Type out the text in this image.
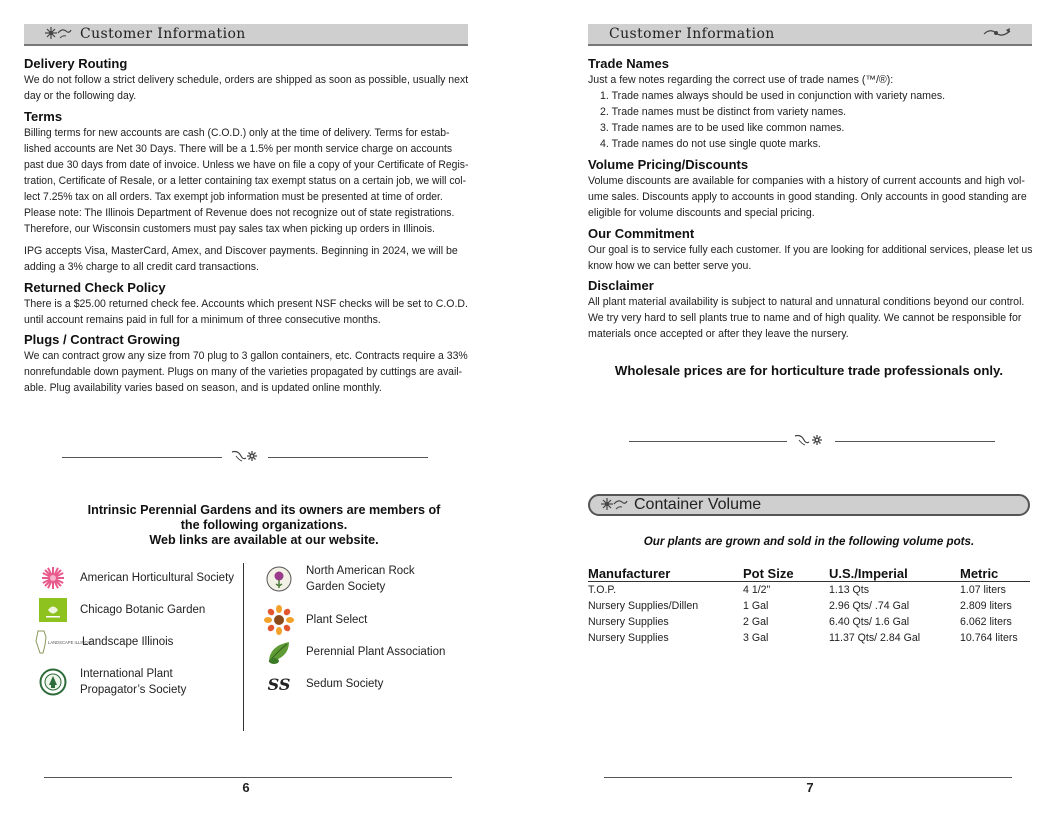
Customer Information
Delivery Routing
We do not follow a strict delivery schedule, orders are shipped as soon as possible, usually next
day or the following day.
Terms
Billing terms for new accounts are cash (C.O.D.) only at the time of delivery. Terms for estab-
lished accounts are Net 30 Days. There will be a 1.5% per month service charge on accounts
past due 30 days from date of invoice. Unless we have on file a copy of your Certificate of Regis-
tration, Certificate of Resale, or a letter containing tax exempt status on a certain job, we will col-
lect 7.25% tax on all orders. Tax exempt job information must be presented at time of order.
Please note: The Illinois Department of Revenue does not recognize out of state registrations.
Therefore, our Wisconsin customers must pay sales tax when picking up orders in Illinois.
IPG accepts Visa, MasterCard, Amex, and Discover payments. Beginning in 2024, we will be
adding a 3% charge to all credit card transactions.
Returned Check Policy
There is a $25.00 returned check fee. Accounts which present NSF checks will be set to C.O.D.
until account remains paid in full for a minimum of three consecutive months.
Plugs / Contract Growing
We can contract grow any size from 70 plug to 3 gallon containers, etc. Contracts require a 33%
nonrefundable down payment. Plugs on many of the varieties propagated by cuttings are avail-
able. Plug availability varies based on season, and is updated online monthly.
Intrinsic Perennial Gardens and its owners are members of
the following organizations.
Web links are available at our website.
American Horticultural Society
Chicago Botanic Garden
LANDSCAPE ILLINOIS
Landscape Illinois
International Plant
Propagator’s Society
North American Rock
Garden Society
Plant Select
Perennial Plant Association
SS Sedum Society
6
Customer Information
Trade Names
Just a few notes regarding the correct use of trade names (™/®):
1. Trade names always should be used in conjunction with variety names.
2. Trade names must be distinct from variety names.
3. Trade names are to be used like common names.
4. Trade names do not use single quote marks.
Volume Pricing/Discounts
Volume discounts are available for companies with a history of current accounts and high vol-
ume sales. Discounts apply to accounts in good standing. Only accounts in good standing are
eligible for volume discounts and special pricing.
Our Commitment
Our goal is to service fully each customer. If you are looking for additional services, please let us
know how we can better serve you.
Disclaimer
All plant material availability is subject to natural and unnatural conditions beyond our control.
We try very hard to sell plants true to name and of high quality. We cannot be responsible for
materials once accepted or after they leave the nursery.
Wholesale prices are for horticulture trade professionals only.
Container Volume
Our plants are grown and sold in the following volume pots.
Manufacturer	Pot Size	U.S./Imperial	Metric
T.O.P.	4 1/2"	1.13 Qts	1.07 liters
Nursery Supplies/Dillen	1 Gal	2.96 Qts/ .74 Gal	2.809 liters
Nursery Supplies	2 Gal	6.40 Qts/ 1.6 Gal	6.062 liters
Nursery Supplies	3 Gal	11.37 Qts/ 2.84 Gal	10.764 liters
7
